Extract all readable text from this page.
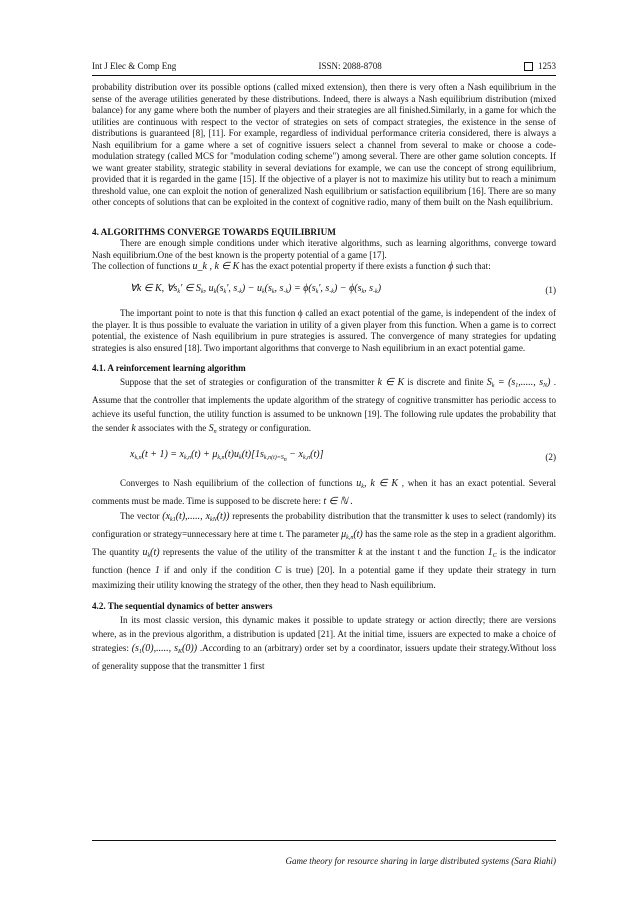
Int J Elec & Comp Eng	ISSN: 2088-8708	1253

probability distribution over its possible options (called mixed extension), then there is very often a Nash equilibrium in the sense of the average utilities generated by these distributions. Indeed, there is always a Nash equilibrium distribution (mixed balance) for any game where both the number of players and their strategies are all finished.Similarly, in a game for which the utilities are continuous with respect to the vector of strategies on sets of compact strategies, the existence in the sense of distributions is guaranteed [8], [11]. For example, regardless of individual performance criteria considered, there is always a Nash equilibrium for a game where a set of cognitive issuers select a channel from several to make or choose a code-modulation strategy (called MCS for "modulation coding scheme") among several. There are other game solution concepts. If we want greater stability, strategic stability in several deviations for example, we can use the concept of strong equilibrium, provided that it is regarded in the game [15]. If the objective of a player is not to maximize his utility but to reach a minimum threshold value, one can exploit the notion of generalized Nash equilibrium or satisfaction equilibrium [16]. There are so many other concepts of solutions that can be exploited in the context of cognitive radio, many of them built on the Nash equilibrium.

4. ALGORITHMS CONVERGE TOWARDS EQUILIBRIUM

There are enough simple conditions under which iterative algorithms, such as learning algorithms, converge toward Nash equilibrium.One of the best known is the property potential of a game [17].

The collection of functions u_k , k ∈ K has the exact potential property if there exists a function ϕ such that:

∀k ∈ K, $\forall s_k'$ ∈ $S_k$, $u_k(s_k'$, $s_{-k}) - u_k(s_k$, $s_{-k}) = \phi(s_k'$, $s_{-k}) - \phi(s_k$, $s_{-k}$)	(1)

The important point to note is that this function ϕ called an exact potential of the game, is independent of the index of the player. It is thus possible to evaluate the variation in utility of a given player from this function. When a game is to correct potential, the existence of Nash equilibrium in pure strategies is assured. The convergence of many strategies for updating strategies is also ensured [18]. Two important algorithms that converge to Nash equilibrium in an exact potential game.

4.1. A reinforcement learning algorithm

Suppose that the set of strategies or configuration of the transmitter k ∈ K is discrete and finite $S_k = (s_1$,....., $s_N$) . Assume that the controller that implements the update algorithm of the strategy of cognitive transmitter has periodic access to achieve its useful function, the utility function is assumed to be unknown [19]. The following rule updates the probability that the sender k associates with the $S_n$ strategy or configuration.

$x_{k,n}(t + 1) = x_{k,n}(t) + \mu_{k,n}(t)u_k(t)[1s_{k,n(t)=S_n} - x_{k,n}(t)]$	(2)

Converges to Nash equilibrium of the collection of functions $u_k$, k ∈ K , when it has an exact potential. Several comments must be made. Time is supposed to be discrete here: t ∈ ℕ .

The vector ($x_{k1}(t)$,....., $x_{kN}(t)$) represents the probability distribution that the transmitter k uses to select (randomly) its configuration or strategy=unnecessary here at time t. The parameter $\mu_{k,n}(t)$ has the same role as the step in a gradient algorithm. The quantity $u_k(t)$ represents the value of the utility of the transmitter k at the instant t and the function $1_C$ is the indicator function (hence 1 if and only if the condition C is true) [20]. In a potential game if they update their strategy in turn maximizing their utility knowing the strategy of the other, then they head to Nash equilibrium.

4.2. The sequential dynamics of better answers

In its most classic version, this dynamic makes it possible to update strategy or action directly; there are versions where, as in the previous algorithm, a distribution is updated [21]. At the initial time, issuers are expected to make a choice of strategies: ($s_1(0)$,....., $s_K(0)$) .According to an (arbitrary) order set by a coordinator, issuers update their strategy.Without loss of generality suppose that the transmitter 1 first

Game theory for resource sharing in large distributed systems (Sara Riahi)
